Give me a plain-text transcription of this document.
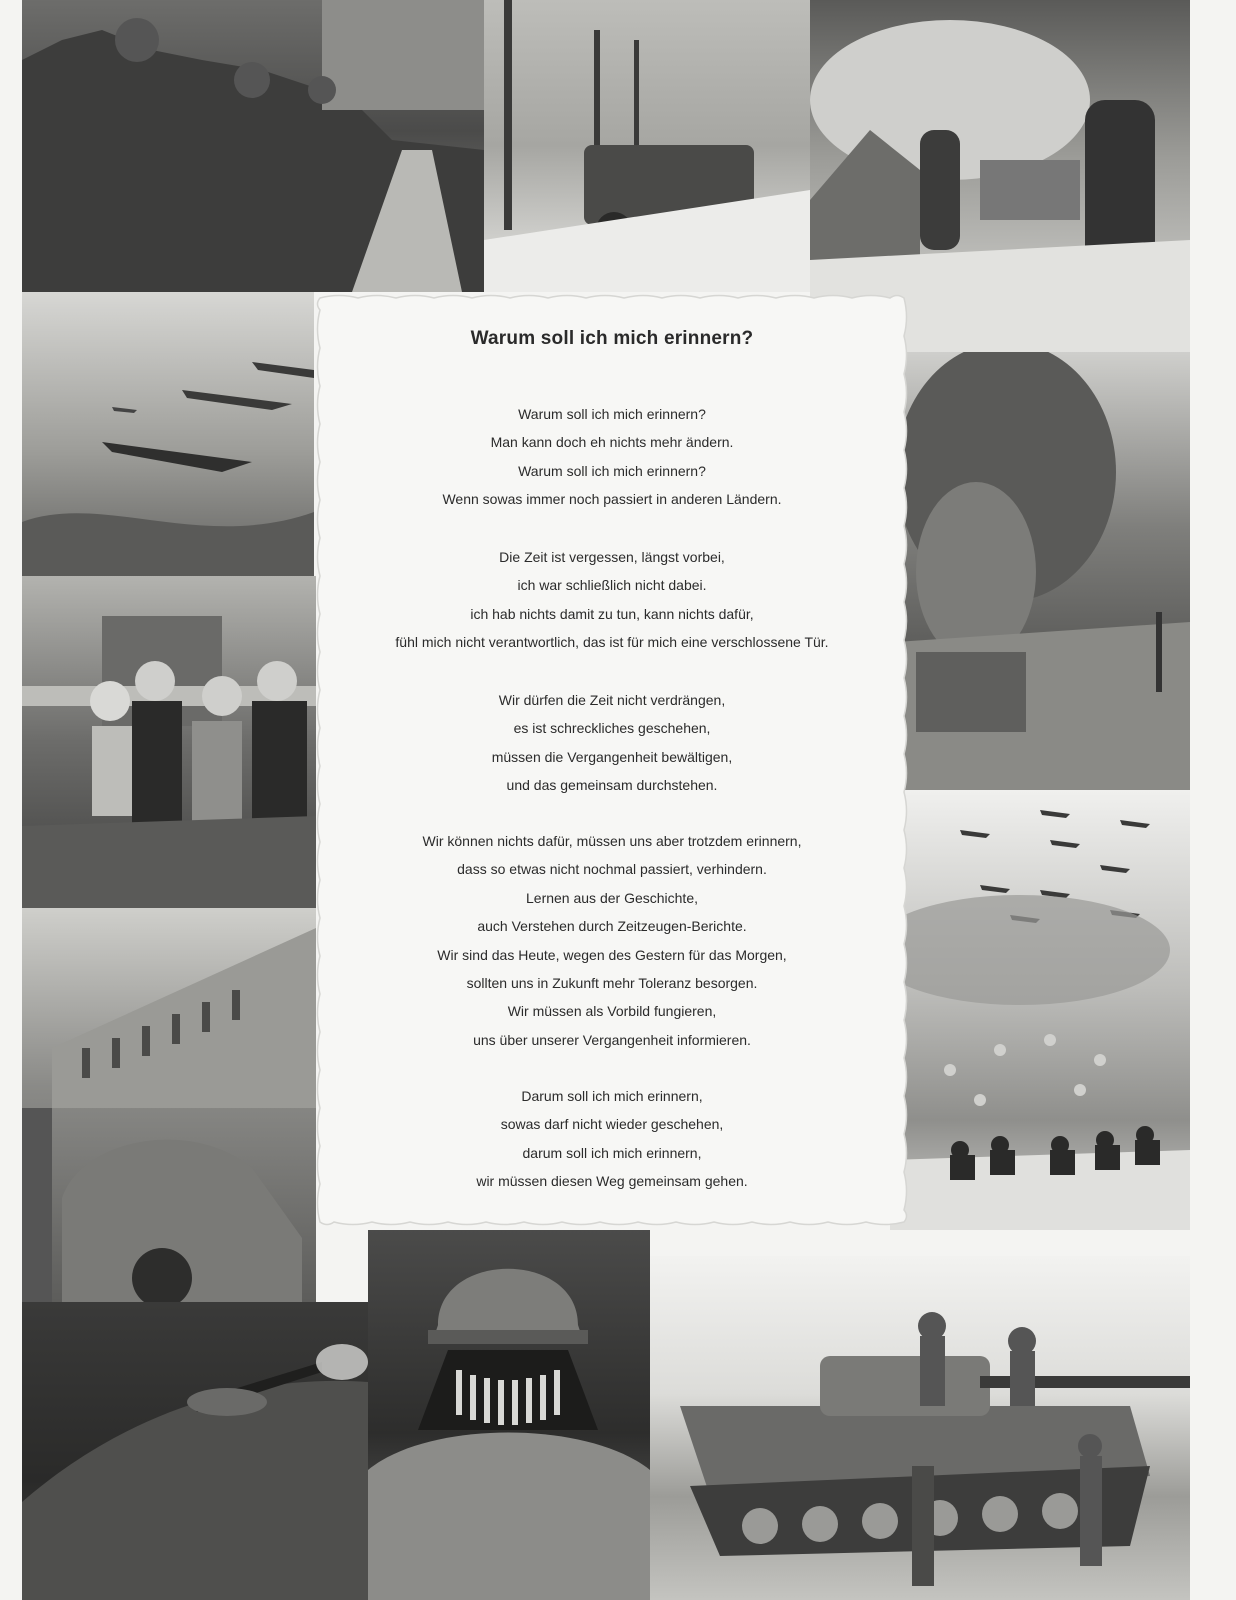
Warum soll ich mich erinnern?
Warum soll ich mich erinnern?
Man kann doch eh nichts mehr ändern.
Warum soll ich mich erinnern?
Wenn sowas immer noch passiert in anderen Ländern.
Die Zeit ist vergessen, längst vorbei,
ich war schließlich nicht dabei.
ich hab nichts damit zu tun, kann nichts dafür,
fühl mich nicht verantwortlich, das ist für mich eine verschlossene Tür.
Wir dürfen die Zeit nicht verdrängen,
es ist schreckliches geschehen,
müssen die Vergangenheit bewältigen,
und das gemeinsam durchstehen.
Wir können nichts dafür, müssen uns aber trotzdem erinnern,
dass so etwas nicht nochmal passiert, verhindern.
Lernen aus der Geschichte,
auch Verstehen durch Zeitzeugen-Berichte.
Wir sind das Heute, wegen des Gestern für das Morgen,
sollten uns in Zukunft mehr Toleranz besorgen.
Wir müssen als Vorbild fungieren,
uns über unserer Vergangenheit informieren.
Darum soll ich mich erinnern,
sowas darf nicht wieder geschehen,
darum soll ich mich erinnern,
wir müssen diesen Weg gemeinsam gehen.
